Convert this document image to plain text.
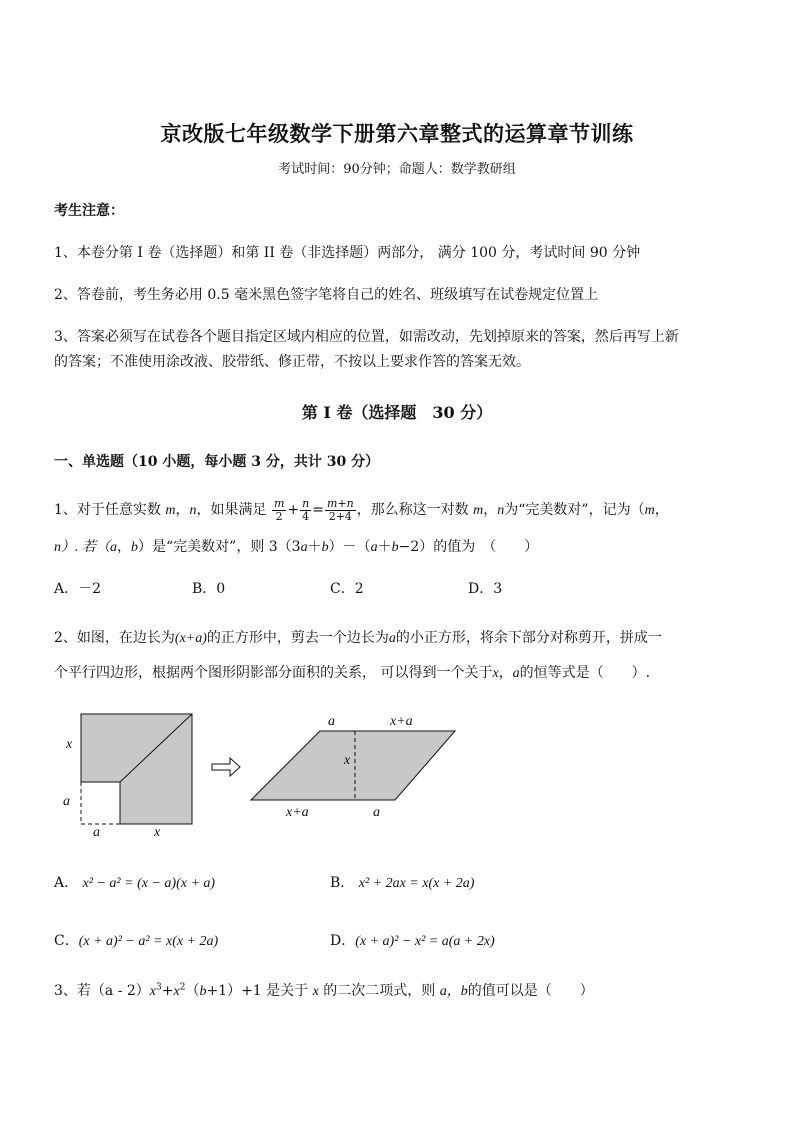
京改版七年级数学下册第六章整式的运算章节训练
考试时间：90分钟；命题人：数学教研组
考生注意：
1、本卷分第 I 卷（选择题）和第 II 卷（非选择题）两部分， 满分 100 分，考试时间 90 分钟
2、答卷前，考生务必用 0.5 毫米黑色签字笔将自己的姓名、班级填写在试卷规定位置上
3、答案必须写在试卷各个题目指定区域内相应的位置，如需改动，先划掉原来的答案，然后再写上新
的答案；不准使用涂改液、胶带纸、修正带，不按以上要求作答的答案无效。
第 I 卷（选择题　30 分）
一、单选题（10 小题，每小题 3 分，共计 30 分）
1、对于任意实数 m，n，如果满足 $\frac{m}{2} + \frac{n}{4} = \frac{m+n}{2+4}$ ，那么称这一对数 m，n为“完美数对”，记为（m，
n）. 若（a，b）是“完美数对”，则 3（3a＋b）－（a＋b−2）的值为　（　　）
A．－2	B．0	C．2	D．3
2、如图，在边长为(x+a)的正方形中，剪去一个边长为a的小正方形，将余下部分对称剪开，拼成一
个平行四边形，根据两个图形阴影部分面积的关系， 可以得到一个关于x，a的恒等式是（　　）.
x
a
a	x
a	x+a
x
x+a	a
A． x² − a² = (x − a)(x + a)	B． x² + 2ax = x(x + 2a)
C．(x + a)² − a² = x(x + 2a)	D．(x + a)² − x² = a(a + 2x)
3、若$(a - 2)x^3+x^2(b+1)+1$ 是关于 x 的二次二项式，则 a，b的值可以是（　　）
